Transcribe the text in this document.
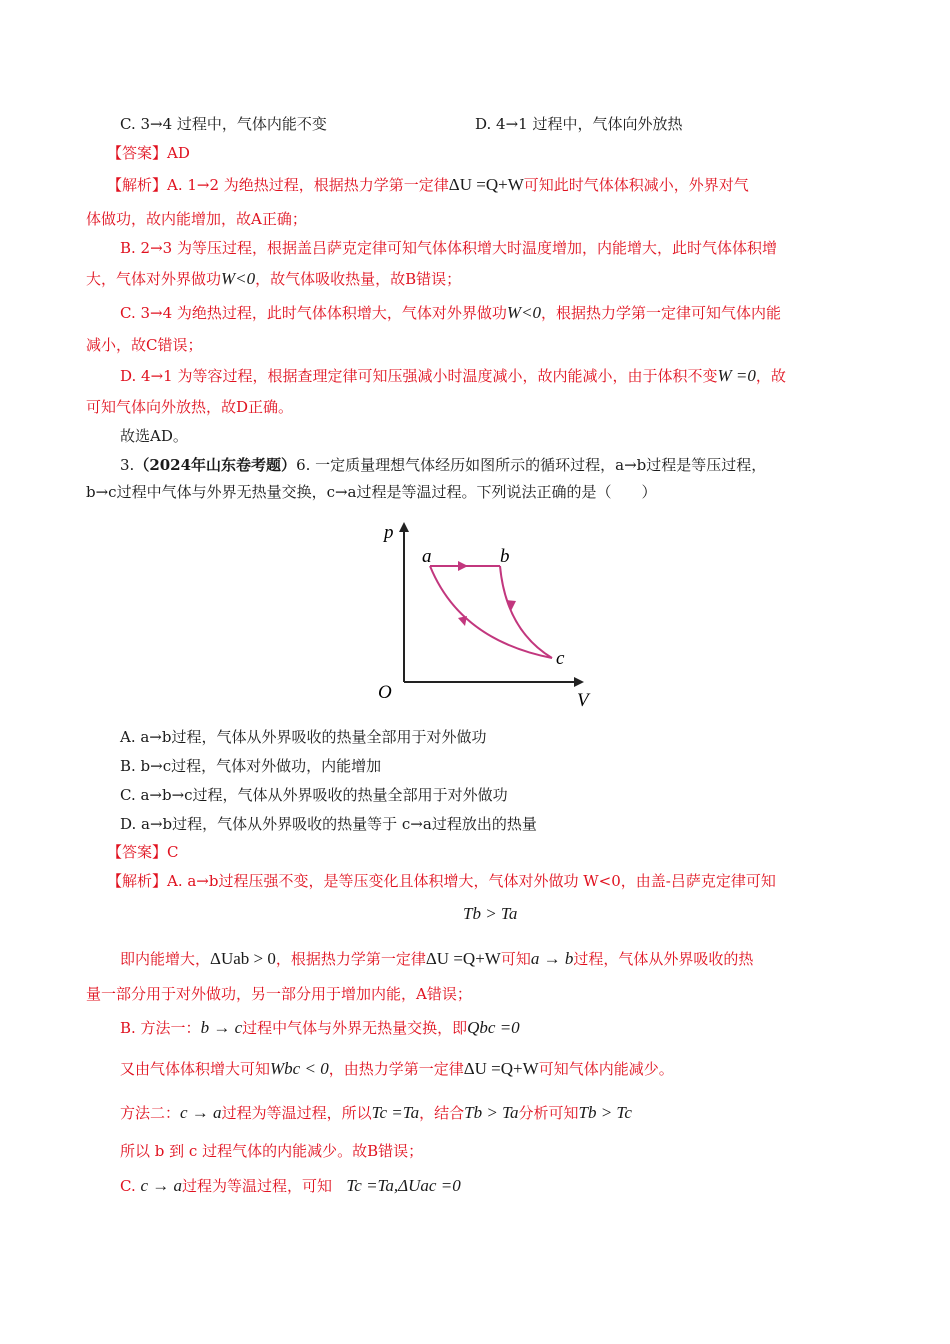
C. 3→4 过程中，气体内能不变	D. 4→1 过程中，气体向外放热
【答案】AD
【解析】A. 1→2 为绝热过程，根据热力学第一定律ΔU =Q+W可知此时气体体积减小，外界对气
体做功，故内能增加，故A正确；
B. 2→3 为等压过程，根据盖吕萨克定律可知气体体积增大时温度增加，内能增大，此时气体体积增
大，气体对外界做功W<0，故气体吸收热量，故B错误；
C. 3→4 为绝热过程，此时气体体积增大，气体对外界做功W<0，根据热力学第一定律可知气体内能
减小，故C错误；
D. 4→1 为等容过程，根据查理定律可知压强减小时温度减小，故内能减小，由于体积不变W =0，故
可知气体向外放热，故D正确。
故选AD。
3.（2024年山东卷考题）6. 一定质量理想气体经历如图所示的循环过程，a→b过程是等压过程，
b→c过程中气体与外界无热量交换，c→a过程是等温过程。下列说法正确的是（　　）
p
V
O
a	b
c
A. a→b过程，气体从外界吸收的热量全部用于对外做功
B. b→c过程，气体对外做功，内能增加
C. a→b→c过程，气体从外界吸收的热量全部用于对外做功
D. a→b过程，气体从外界吸收的热量等于 c→a过程放出的热量
【答案】C
【解析】A. a→b过程压强不变，是等压变化且体积增大，气体对外做功 W<0，由盖-吕萨克定律可知
Tb > Ta
即内能增大，ΔUab > 0，根据热力学第一定律ΔU =Q+W可知a → b过程，气体从外界吸收的热
量一部分用于对外做功，另一部分用于增加内能，A错误；
B. 方法一：b → c过程中气体与外界无热量交换，即Qbc =0
又由气体体积增大可知Wbc < 0，由热力学第一定律ΔU =Q+W可知气体内能减少。
方法二：c → a过程为等温过程，所以Tc =Ta，结合Tb > Ta分析可知Tb > Tc
所以 b 到 c 过程气体的内能减少。故B错误；
C. c → a过程为等温过程，可知 Tc =Ta,ΔUac =0
